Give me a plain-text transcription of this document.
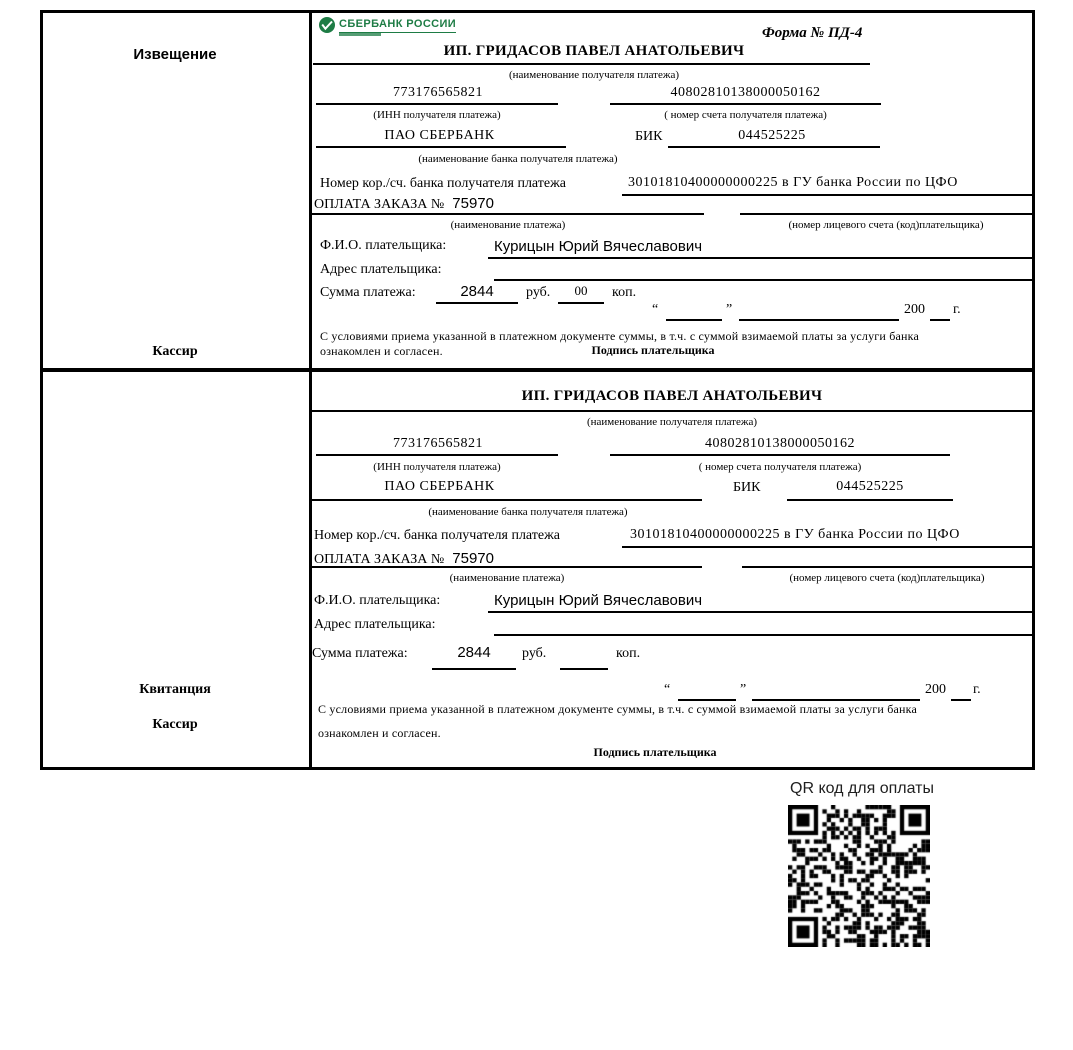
Извещение
Кассир
СБЕРБАНК РОССИИ
Форма № ПД-4
ИП. ГРИДАСОВ ПАВЕЛ АНАТОЛЬЕВИЧ
(наименование получателя платежа)
773176565821	40802810138000050162
(ИНН получателя платежа)	( номер счета получателя платежа)
ПАО СБЕРБАНК	БИК	044525225
(наименование банка получателя платежа)
Номер кор./сч. банка получателя платежа	30101810400000000225 в ГУ банка России по ЦФО
ОПЛАТА ЗАКАЗА № 75970
(наименование платежа)	(номер лицевого счета (код)плательщика)
Ф.И.О. плательщика:	Курицын Юрий Вячеславович
Адрес плательщика:
Сумма платежа:	2844	руб.	00	коп.
“	”	200 г.
С условиями приема указанной в платежном документе суммы, в т.ч. с суммой взимаемой платы за услуги банка
ознакомлен и согласен.	Подпись плательщика
Квитанция
Кассир
ИП. ГРИДАСОВ ПАВЕЛ АНАТОЛЬЕВИЧ
(наименование получателя платежа)
773176565821	40802810138000050162
(ИНН получателя платежа)	( номер счета получателя платежа)
ПАО СБЕРБАНК	БИК	044525225
(наименование банка получателя платежа)
Номер кор./сч. банка получателя платежа	30101810400000000225 в ГУ банка России по ЦФО
ОПЛАТА ЗАКАЗА № 75970
(наименование платежа)	(номер лицевого счета (код)плательщика)
Ф.И.О. плательщика:	Курицын Юрий Вячеславович
Адрес плательщика:
Сумма платежа:	2844	руб.	коп.
“	”	200 г.
С условиями приема указанной в платежном документе суммы, в т.ч. с суммой взимаемой платы за услуги банка
ознакомлен и согласен.
Подпись плательщика
QR код для оплаты
